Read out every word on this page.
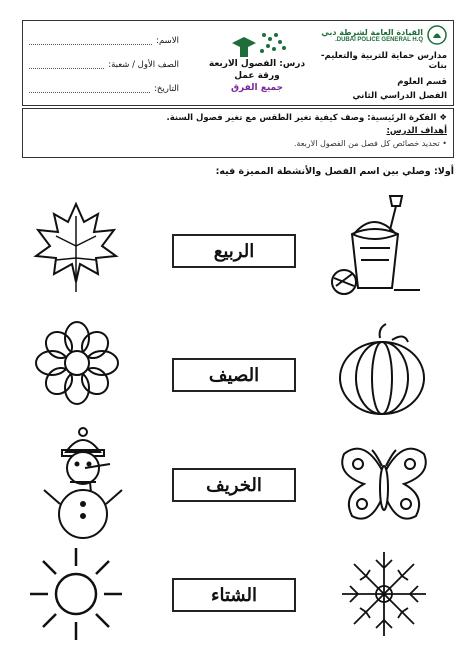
الاسم:
الصف الأول / شعبة:
التاريخ:
درس: الفصول الاربعة
ورقة عمل
جميع الفرق
القيادة العامة لشرطة دبي
DUBAI POLICE GENERAL H.Q.
مدارس حماية للتربية والتعليم-بنات
قسم العلوم
الفصل الدراسي الثاني
❖ الفكرة الرئيسية: وصف كيفية تغير الطقس مع تغير فصول السنة.
أهداف الدرس:
• تحديد خصائص كل فصل من الفصول الاربعة.
أولا: وصلي بين اسم الفصل والأنشطة المميزة فيه:
الربيع
الصيف
الخريف
الشتاء
